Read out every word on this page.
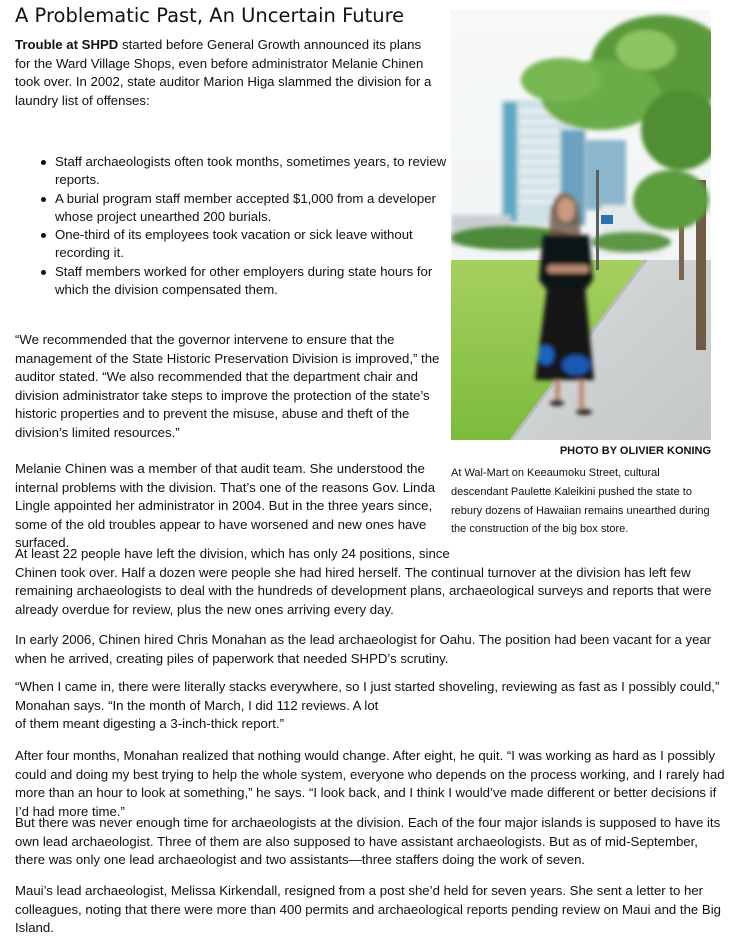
A Problematic Past, An Uncertain Future

Trouble at SHPD started before General Growth announced its plans for the Ward Village Shops, even before administrator Melanie Chinen took over. In 2002, state auditor Marion Higa slammed the division for a laundry list of offenses:

Staff archaeologists often took months, sometimes years, to review reports.
A burial program staff member accepted $1,000 from a developer whose project unearthed 200 burials.
One-third of its employees took vacation or sick leave without recording it.
Staff members worked for other employers during state hours for which the division compensated them.

“We recommended that the governor intervene to ensure that the management of the State Historic Preservation Division is improved,” the auditor stated. “We also recommended that the department chair and division administrator take steps to improve the protection of the state’s historic properties and to prevent the misuse, abuse and theft of the division’s limited resources.”

Melanie Chinen was a member of that audit team. She understood the internal problems with the division. That’s one of the reasons Gov. Linda Lingle appointed her administrator in 2004. But in the three years since, some of the old troubles appear to have worsened and new ones have surfaced.

At least 22 people have left the division, which has only 24 positions, since
Chinen took over. Half a dozen were people she had hired herself. The continual turnover at the division has left few remaining archaeologists to deal with the hundreds of development plans, archaeological surveys and reports that were already overdue for review, plus the new ones arriving every day.

In early 2006, Chinen hired Chris Monahan as the lead archaeologist for Oahu. The position had been vacant for a year when he arrived, creating piles of paperwork that needed SHPD’s scrutiny.

“When I came in, there were literally stacks everywhere, so I just started shoveling, reviewing as fast as I possibly could,”
Monahan says. “In the month of March, I did 112 reviews. A lot
of them meant digesting a 3-inch-thick report.”

After four months, Monahan realized that nothing would change. After eight, he quit. “I was working as hard as I possibly could and doing my best trying to help the whole system, everyone who depends on the process working, and I rarely had more than an hour to look at something,” he says. “I look back, and I think I would’ve made different or better decisions if I’d had more time.”

But there was never enough time for archaeologists at the division. Each of the four major islands is supposed to have its own lead archaeologist. Three of them are also supposed to have assistant archaeologists. But as of mid-September, there was only one lead archaeologist and two assistants—three staffers doing the work of seven.

Maui’s lead archaeologist, Melissa Kirkendall, resigned from a post she’d held for seven years. She sent a letter to her colleagues, noting that there were more than 400 permits and archaeological reports pending review on Maui and the Big Island.

PHOTO BY OLIVIER KONING

At Wal-Mart on Keeaumoku Street, cultural descendant Paulette Kaleikini pushed the state to rebury dozens of Hawaiian remains unearthed during the construction of the big box store.
